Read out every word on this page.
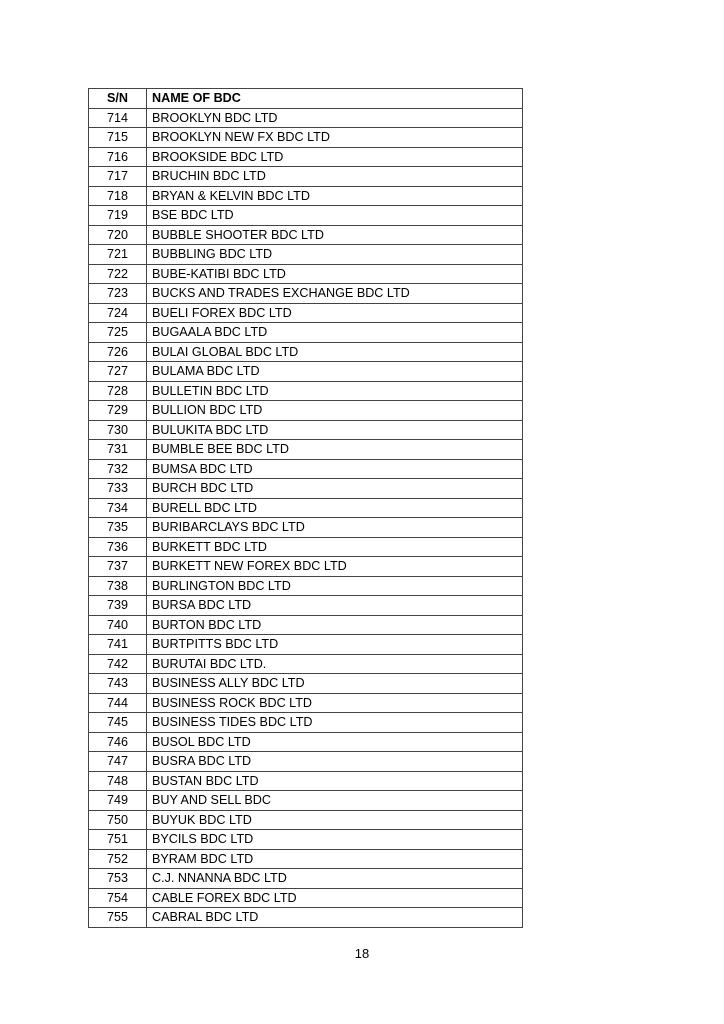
S/N	NAME OF BDC
714	BROOKLYN BDC LTD
715	BROOKLYN NEW FX BDC LTD
716	BROOKSIDE BDC LTD
717	BRUCHIN BDC LTD
718	BRYAN & KELVIN BDC LTD
719	BSE BDC LTD
720	BUBBLE SHOOTER BDC LTD
721	BUBBLING BDC LTD
722	BUBE-KATIBI BDC LTD
723	BUCKS AND TRADES EXCHANGE BDC LTD
724	BUELI FOREX BDC LTD
725	BUGAALA BDC LTD
726	BULAI GLOBAL BDC LTD
727	BULAMA BDC LTD
728	BULLETIN BDC LTD
729	BULLION BDC LTD
730	BULUKITA BDC LTD
731	BUMBLE BEE BDC LTD
732	BUMSA BDC LTD
733	BURCH BDC LTD
734	BURELL BDC LTD
735	BURIBARCLAYS BDC LTD
736	BURKETT BDC LTD
737	BURKETT NEW FOREX BDC LTD
738	BURLINGTON BDC LTD
739	BURSA BDC LTD
740	BURTON BDC LTD
741	BURTPITTS BDC LTD
742	BURUTAI BDC LTD.
743	BUSINESS ALLY BDC LTD
744	BUSINESS ROCK BDC LTD
745	BUSINESS TIDES BDC LTD
746	BUSOL BDC LTD
747	BUSRA BDC LTD
748	BUSTAN BDC LTD
749	BUY AND SELL BDC
750	BUYUK BDC LTD
751	BYCILS BDC LTD
752	BYRAM BDC LTD
753	C.J. NNANNA BDC LTD
754	CABLE FOREX BDC LTD
755	CABRAL BDC LTD
18
